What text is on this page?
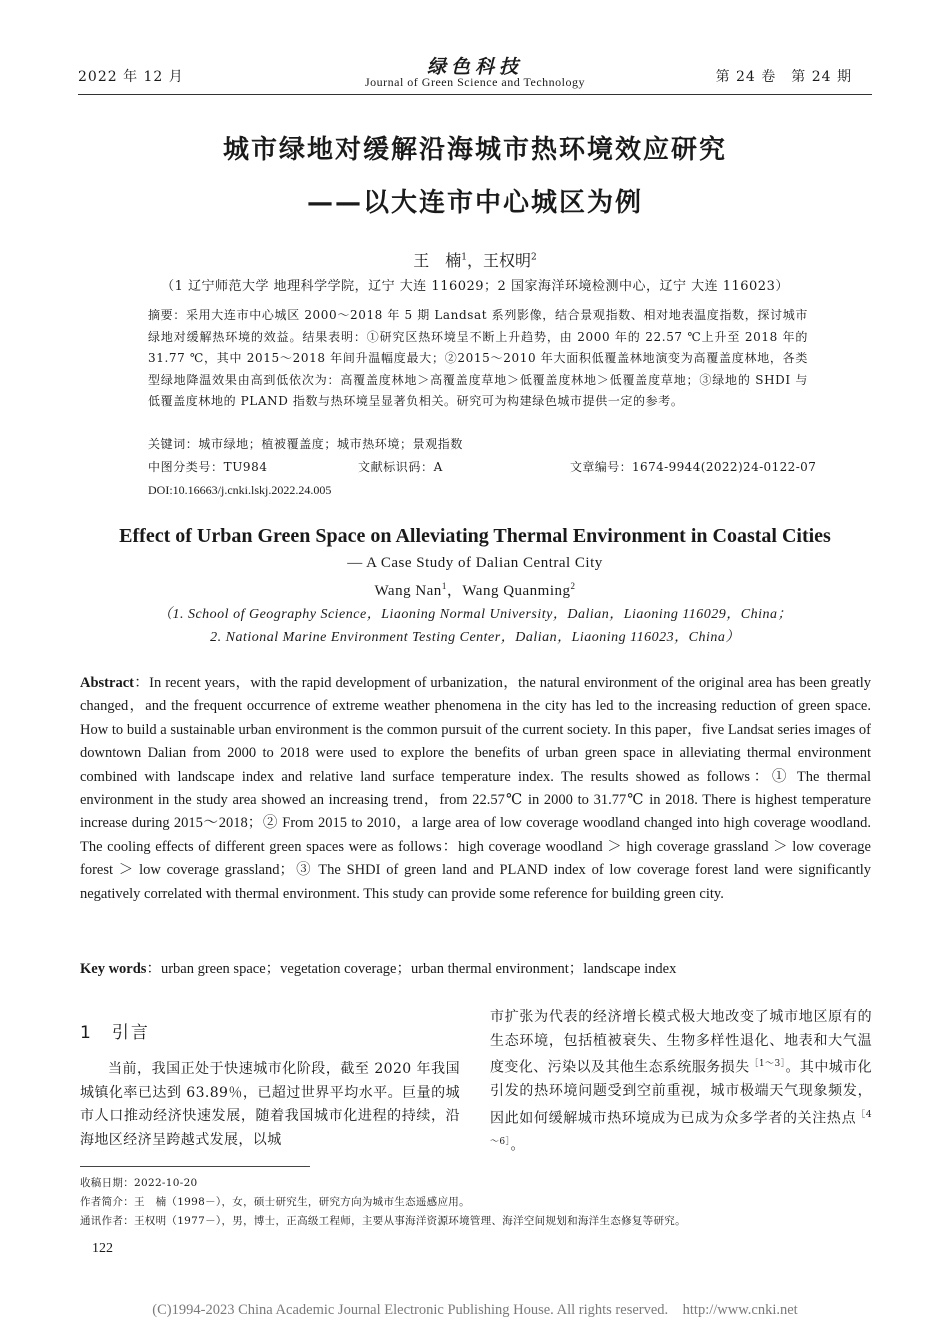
2022 年 12 月	绿色科技
Journal of Green Science and Technology	第 24 卷　第 24 期
城市绿地对缓解沿海城市热环境效应研究
——以大连市中心城区为例
王　楠$^1$，王权明$^2$
（1 辽宁师范大学 地理科学学院，辽宁 大连 116029；2 国家海洋环境检测中心，辽宁 大连 116023）
摘要：采用大连市中心城区 2000～2018 年 5 期 Landsat 系列影像，结合景观指数、相对地表温度指数，探讨城市绿地对缓解热环境的效益。结果表明：①研究区热环境呈不断上升趋势，由 2000 年的 22.57 ℃上升至 2018 年的 31.77 ℃，其中 2015～2018 年间升温幅度最大；②2015～2010 年大面积低覆盖林地演变为高覆盖度林地，各类型绿地降温效果由高到低依次为：高覆盖度林地＞高覆盖度草地＞低覆盖度林地＞低覆盖度草地；③绿地的 SHDI 与低覆盖度林地的 PLAND 指数与热环境呈显著负相关。研究可为构建绿色城市提供一定的参考。
关键词：城市绿地；植被覆盖度；城市热环境；景观指数
中图分类号：TU984	文献标识码：A	文章编号：1674-9944(2022)24-0122-07
DOI:10.16663/j.cnki.lskj.2022.24.005
Effect of Urban Green Space on Alleviating Thermal Environment in Coastal Cities
— A Case Study of Dalian Central City
Wang Nan$^1$，Wang Quanming$^2$
（1. School of Geography Science，Liaoning Normal University，Dalian，Liaoning 116029，China；
2. National Marine Environment Testing Center，Dalian，Liaoning 116023，China）
Abstract：In recent years，with the rapid development of urbanization，the natural environment of the original area has been greatly changed，and the frequent occurrence of extreme weather phenomena in the city has led to the increasing reduction of green space. How to build a sustainable urban environment is the common pursuit of the current society. In this paper，five Landsat series images of downtown Dalian from 2000 to 2018 were used to explore the benefits of urban green space in alleviating thermal environment combined with landscape index and relative land surface temperature index. The results showed as follows：① The thermal environment in the study area showed an increasing trend，from 22.57℃ in 2000 to 31.77℃ in 2018. There is highest temperature increase during 2015～2018；② From 2015 to 2010，a large area of low coverage woodland changed into high coverage woodland. The cooling effects of different green spaces were as follows：high coverage woodland ＞ high coverage grassland ＞ low coverage forest ＞ low coverage grassland；③ The SHDI of green land and PLAND index of low coverage forest land were significantly negatively correlated with thermal environment. This study can provide some reference for building green city.
Key words：urban green space；vegetation coverage；urban thermal environment；landscape index
1　引言
当前，我国正处于快速城市化阶段，截至 2020 年我国城镇化率已达到 63.89％，已超过世界平均水平。巨量的城市人口推动经济快速发展，随着我国城市化进程的持续，沿海地区经济呈跨越式发展，以城
市扩张为代表的经济增长模式极大地改变了城市地区原有的生态环境，包括植被衰失、生物多样性退化、地表和大气温度变化、污染以及其他生态系统服务损失$^{[1\sim 3]}$。其中城市化引发的热环境问题受到空前重视，城市极端天气现象频发，因此如何缓解城市热环境成为已成为众多学者的关注热点$^{[4\sim 6]}$。
收稿日期：2022-10-20
作者简介：王　楠（1998－），女，硕士研究生，研究方向为城市生态遥感应用。
通讯作者：王权明（1977－），男，博士，正高级工程师，主要从事海洋资源环境管理、海洋空间规划和海洋生态修复等研究。
122
(C)1994-2023 China Academic Journal Electronic Publishing House. All rights reserved.　http://www.cnki.net
